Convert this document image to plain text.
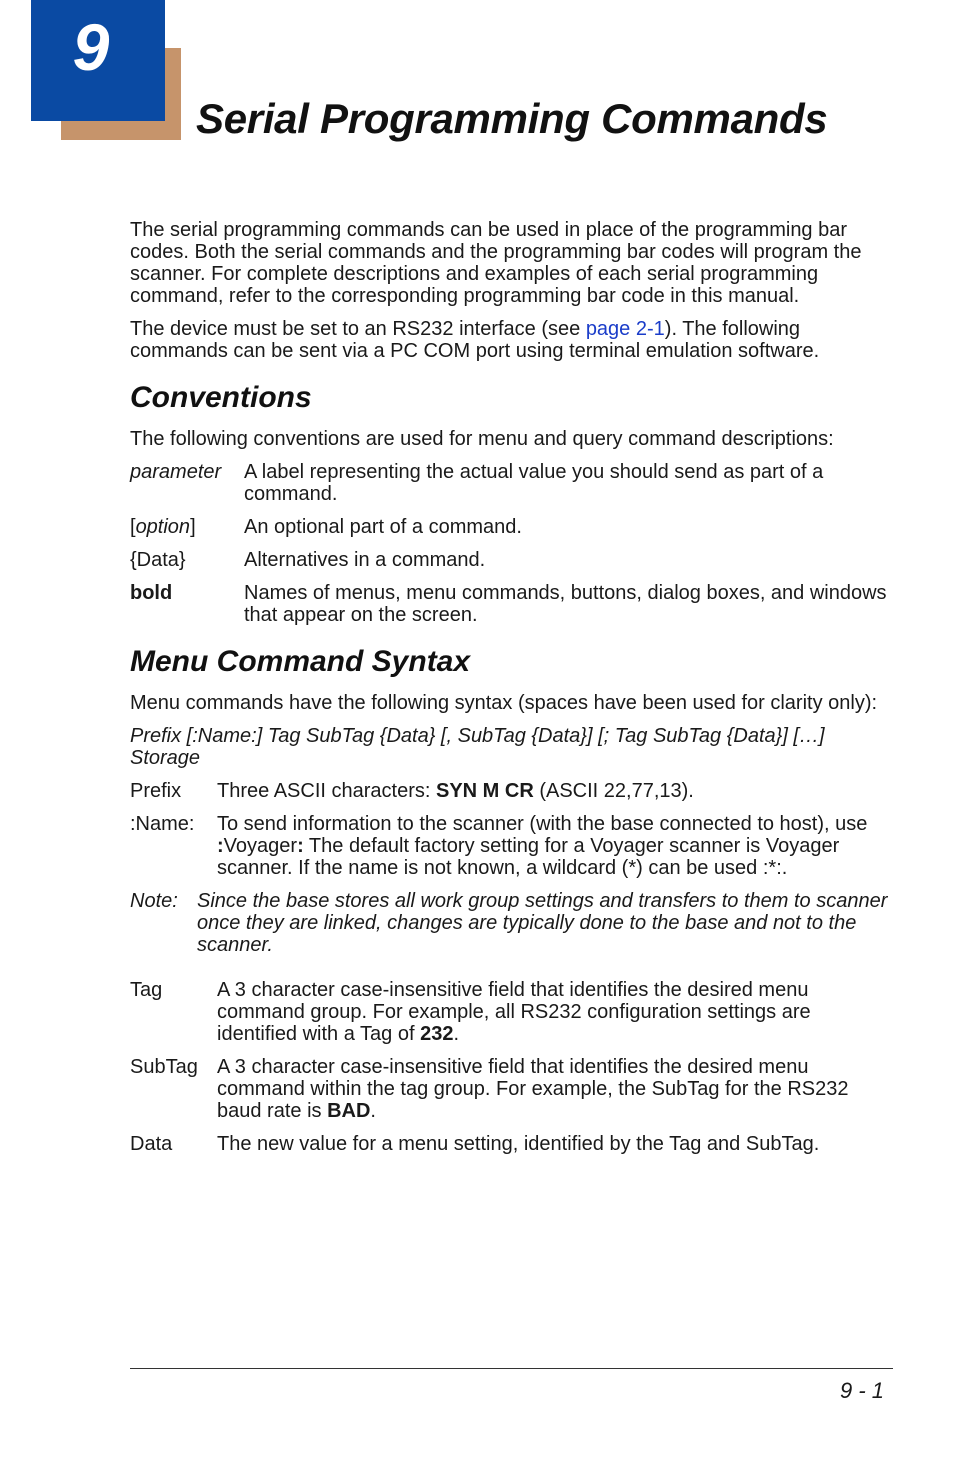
9
Serial Programming Commands

The serial programming commands can be used in place of the programming bar codes. Both the serial commands and the programming bar codes will program the scanner. For complete descriptions and examples of each serial programming command, refer to the corresponding programming bar code in this manual.

The device must be set to an RS232 interface (see page 2-1). The following commands can be sent via a PC COM port using terminal emulation software.

Conventions

The following conventions are used for menu and query command descriptions:

parameter	A label representing the actual value you should send as part of a command.
[option]	An optional part of a command.
{Data}	Alternatives in a command.
bold	Names of menus, menu commands, buttons, dialog boxes, and windows that appear on the screen.
Menu Command Syntax

Menu commands have the following syntax (spaces have been used for clarity only):

Prefix [:Name:] Tag SubTag {Data} [, SubTag {Data}] [; Tag SubTag {Data}] […] Storage

Prefix	Three ASCII characters: SYN M CR (ASCII 22,77,13).
:Name:	To send information to the scanner (with the base connected to host), use :Voyager: The default factory setting for a Voyager scanner is Voyager scanner. If the name is not known, a wildcard (*) can be used :*:.
Note: Since the base stores all work group settings and transfers to them to scanner once they are linked, changes are typically done to the base and not to the scanner.
Tag	A 3 character case-insensitive field that identifies the desired menu command group. For example, all RS232 configuration settings are identified with a Tag of 232.
SubTag A 3 character case-insensitive field that identifies the desired menu command within the tag group. For example, the SubTag for the RS232 baud rate is BAD.
Data	The new value for a menu setting, identified by the Tag and SubTag.
9 - 1
